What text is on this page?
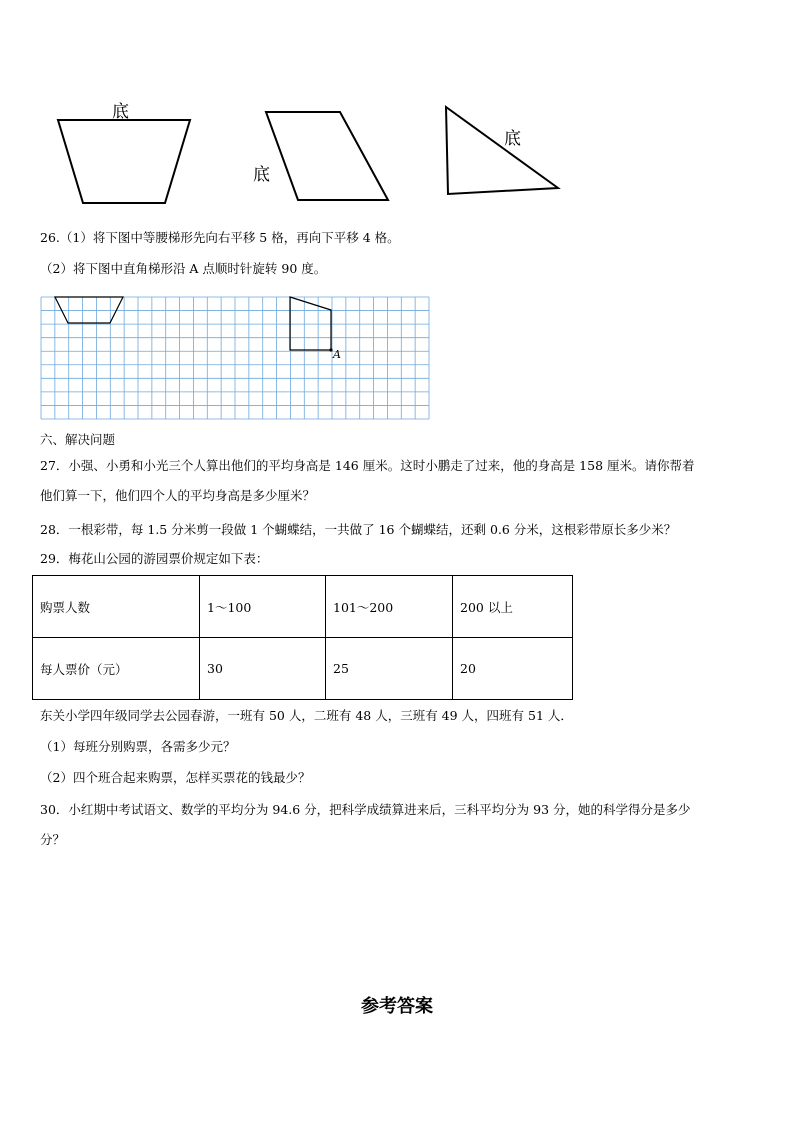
底
底
底
26.（1）将下图中等腰梯形先向右平移 5 格，再向下平移 4 格。
（2）将下图中直角梯形沿 A 点顺时针旋转 90 度。
A
六、解决问题
27．小强、小勇和小光三个人算出他们的平均身高是 146 厘米。这时小鹏走了过来，他的身高是 158 厘米。请你帮着
他们算一下，他们四个人的平均身高是多少厘米？
28．一根彩带，每 1.5 分米剪一段做 1 个蝴蝶结，一共做了 16 个蝴蝶结，还剩 0.6 分米，这根彩带原长多少米？
29．梅花山公园的游园票价规定如下表：
购票人数	1～100	101～200	200 以上
每人票价（元）	30	25	20
东关小学四年级同学去公园春游，一班有 50 人，二班有 48 人，三班有 49 人，四班有 51 人．
（1）每班分别购票，各需多少元？
（2）四个班合起来购票，怎样买票花的钱最少？
30．小红期中考试语文、数学的平均分为 94.6 分，把科学成绩算进来后，三科平均分为 93 分，她的科学得分是多少
分？
参考答案
